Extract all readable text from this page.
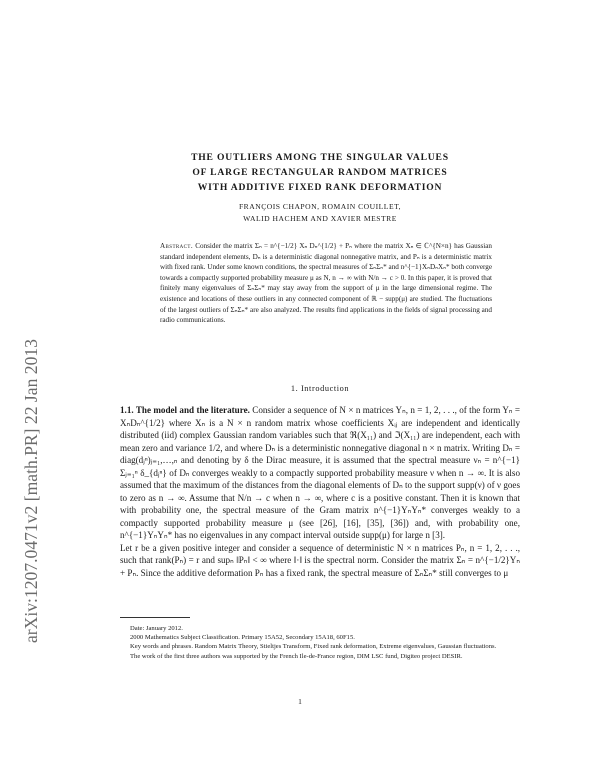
arXiv:1207.0471v2 [math.PR] 22 Jan 2013
THE OUTLIERS AMONG THE SINGULAR VALUES
OF LARGE RECTANGULAR RANDOM MATRICES
WITH ADDITIVE FIXED RANK DEFORMATION
FRANÇOIS CHAPON, ROMAIN COUILLET,
WALID HACHEM AND XAVIER MESTRE
Abstract. Consider the matrix Σₙ = n^{−1/2} Xₙ Dₙ^{1/2} + Pₙ where the matrix Xₙ ∈ ℂ^{N×n} has Gaussian standard independent elements, Dₙ is a deterministic diagonal nonnegative matrix, and Pₙ is a deterministic matrix with fixed rank. Under some known conditions, the spectral measures of ΣₙΣₙ* and n^{−1}XₙDₙXₙ* both converge towards a compactly supported probability measure μ as N, n → ∞ with N/n → c > 0. In this paper, it is proved that finitely many eigenvalues of ΣₙΣₙ* may stay away from the support of μ in the large dimensional regime. The existence and locations of these outliers in any connected component of ℝ − supp(μ) are studied. The fluctuations of the largest outliers of ΣₙΣₙ* are also analyzed. The results find applications in the fields of signal processing and radio communications.
1. Introduction

1.1. The model and the literature. Consider a sequence of N × n matrices Yₙ, n = 1, 2, . . ., of the form Yₙ = XₙDₙ^{1/2} where Xₙ is a N × n random matrix whose coefficients Xᵢⱼ are independent and identically distributed (iid) complex Gaussian random variables such that ℜ(X₁₁) and ℑ(X₁₁) are independent, each with mean zero and variance 1/2, and where Dₙ is a deterministic nonnegative diagonal n × n matrix. Writing Dₙ = diag(dⱼⁿ)ⱼ₌₁,…,ₙ and denoting by δ the Dirac measure, it is assumed that the spectral measure νₙ = n^{−1} Σⱼ₌₁ⁿ δ_{dⱼⁿ} of Dₙ converges weakly to a compactly supported probability measure ν when n → ∞. It is also assumed that the maximum of the distances from the diagonal elements of Dₙ to the support supp(ν) of ν goes to zero as n → ∞. Assume that N/n → c when n → ∞, where c is a positive constant. Then it is known that with probability one, the spectral measure of the Gram matrix n^{−1}YₙYₙ* converges weakly to a compactly supported probability measure μ (see [26], [16], [35], [36]) and, with probability one, n^{−1}YₙYₙ* has no eigenvalues in any compact interval outside supp(μ) for large n [3].

Let r be a given positive integer and consider a sequence of deterministic N × n matrices Pₙ, n = 1, 2, . . ., such that rank(Pₙ) = r and supₙ ‖Pₙ‖ < ∞ where ‖·‖ is the spectral norm. Consider the matrix Σₙ = n^{−1/2}Yₙ + Pₙ. Since the additive deformation Pₙ has a fixed rank, the spectral measure of ΣₙΣₙ* still converges to μ

Date: January 2012.

2000 Mathematics Subject Classification. Primary 15A52, Secondary 15A18, 60F15.

Key words and phrases. Random Matrix Theory, Stieltjes Transform, Fixed rank deformation, Extreme eigenvalues, Gaussian fluctuations.

The work of the first three authors was supported by the French Ile-de-France region, DIM LSC fund, Digiteo project DESIR.

1
